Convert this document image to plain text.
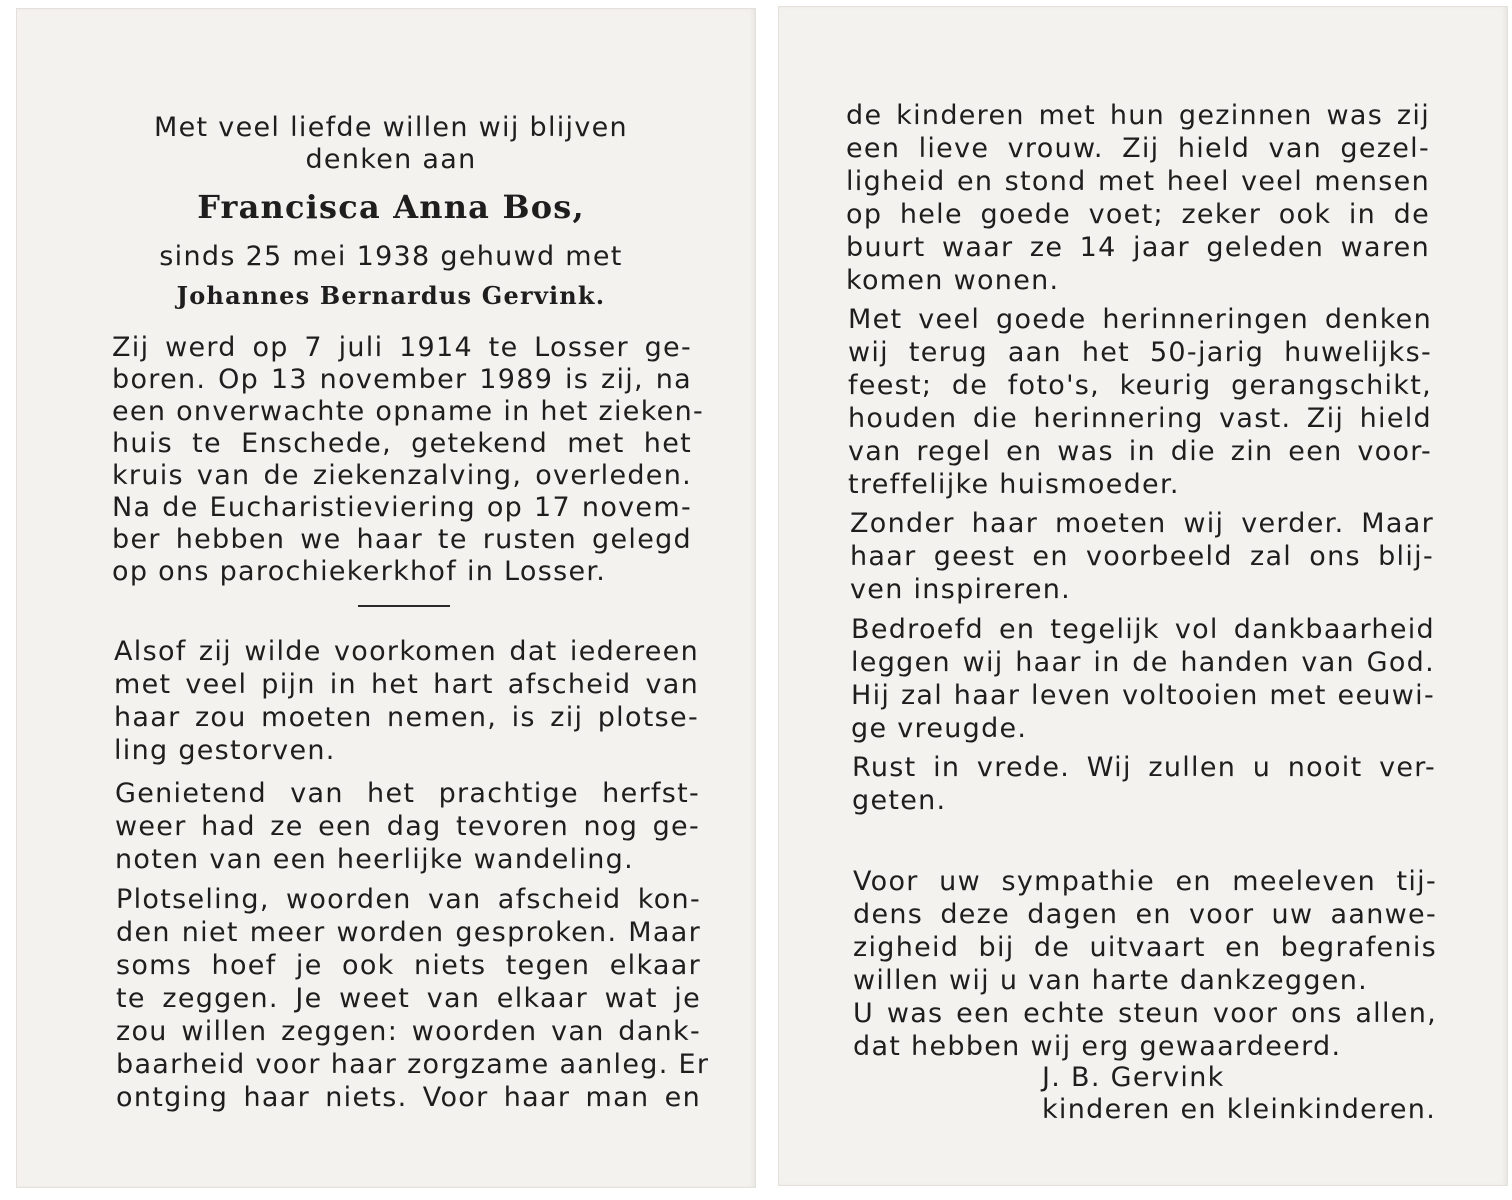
Met veel liefde willen wij blijven
denken aan
Francisca Anna Bos,
sinds 25 mei 1938 gehuwd met
Johannes Bernardus Gervink.
Zij werd op 7 juli 1914 te Losser ge-
boren. Op 13 november 1989 is zij, na
een onverwachte opname in het zieken-
huis te Enschede, getekend met het
kruis van de ziekenzalving, overleden.
Na de Eucharistieviering op 17 novem-
ber hebben we haar te rusten gelegd
op ons parochiekerkhof in Losser.
Alsof zij wilde voorkomen dat iedereen
met veel pijn in het hart afscheid van
haar zou moeten nemen, is zij plotse-
ling gestorven.
Genietend van het prachtige herfst-
weer had ze een dag tevoren nog ge-
noten van een heerlijke wandeling.
Plotseling, woorden van afscheid kon-
den niet meer worden gesproken. Maar
soms hoef je ook niets tegen elkaar
te zeggen. Je weet van elkaar wat je
zou willen zeggen: woorden van dank-
baarheid voor haar zorgzame aanleg. Er
ontging haar niets. Voor haar man en
de kinderen met hun gezinnen was zij
een lieve vrouw. Zij hield van gezel-
ligheid en stond met heel veel mensen
op hele goede voet; zeker ook in de
buurt waar ze 14 jaar geleden waren
komen wonen.
Met veel goede herinneringen denken
wij terug aan het 50-jarig huwelijks-
feest; de foto's, keurig gerangschikt,
houden die herinnering vast. Zij hield
van regel en was in die zin een voor-
treffelijke huismoeder.
Zonder haar moeten wij verder. Maar
haar geest en voorbeeld zal ons blij-
ven inspireren.
Bedroefd en tegelijk vol dankbaarheid
leggen wij haar in de handen van God.
Hij zal haar leven voltooien met eeuwi-
ge vreugde.
Rust in vrede. Wij zullen u nooit ver-
geten.
Voor uw sympathie en meeleven tij-
dens deze dagen en voor uw aanwe-
zigheid bij de uitvaart en begrafenis
willen wij u van harte dankzeggen.
U was een echte steun voor ons allen,
dat hebben wij erg gewaardeerd.
J. B. Gervink
kinderen en kleinkinderen.
